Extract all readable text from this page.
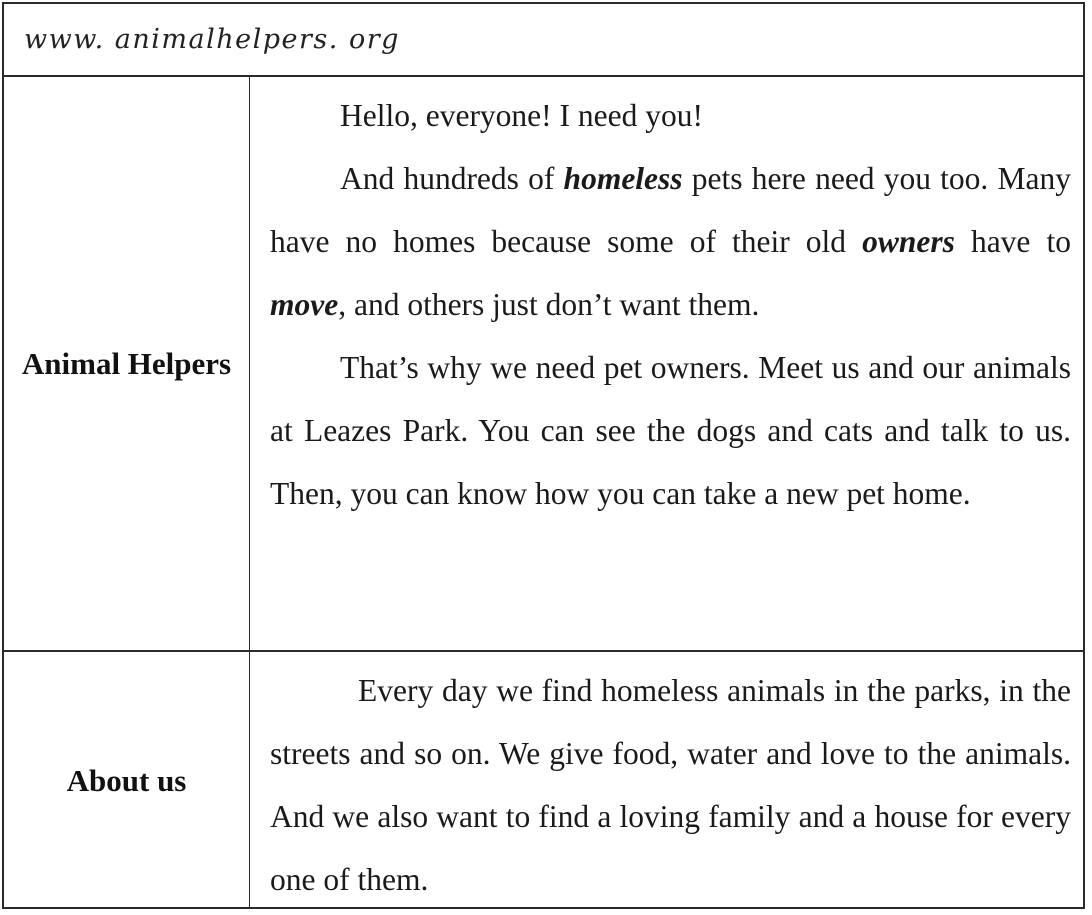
www. animalhelpers. org
Animal Helpers

Hello, everyone! I need you!

And hundreds of homeless pets here need you too. Many have no homes because some of their old owners have to move, and others just don’t want them.

That’s why we need pet owners. Meet us and our animals at Leazes Park. You can see the dogs and cats and talk to us. Then, you can know how you can take a new pet home.

About us

Every day we find homeless animals in the parks, in the streets and so on. We give food, water and love to the animals. And we also want to find a loving family and a house for every one of them.
